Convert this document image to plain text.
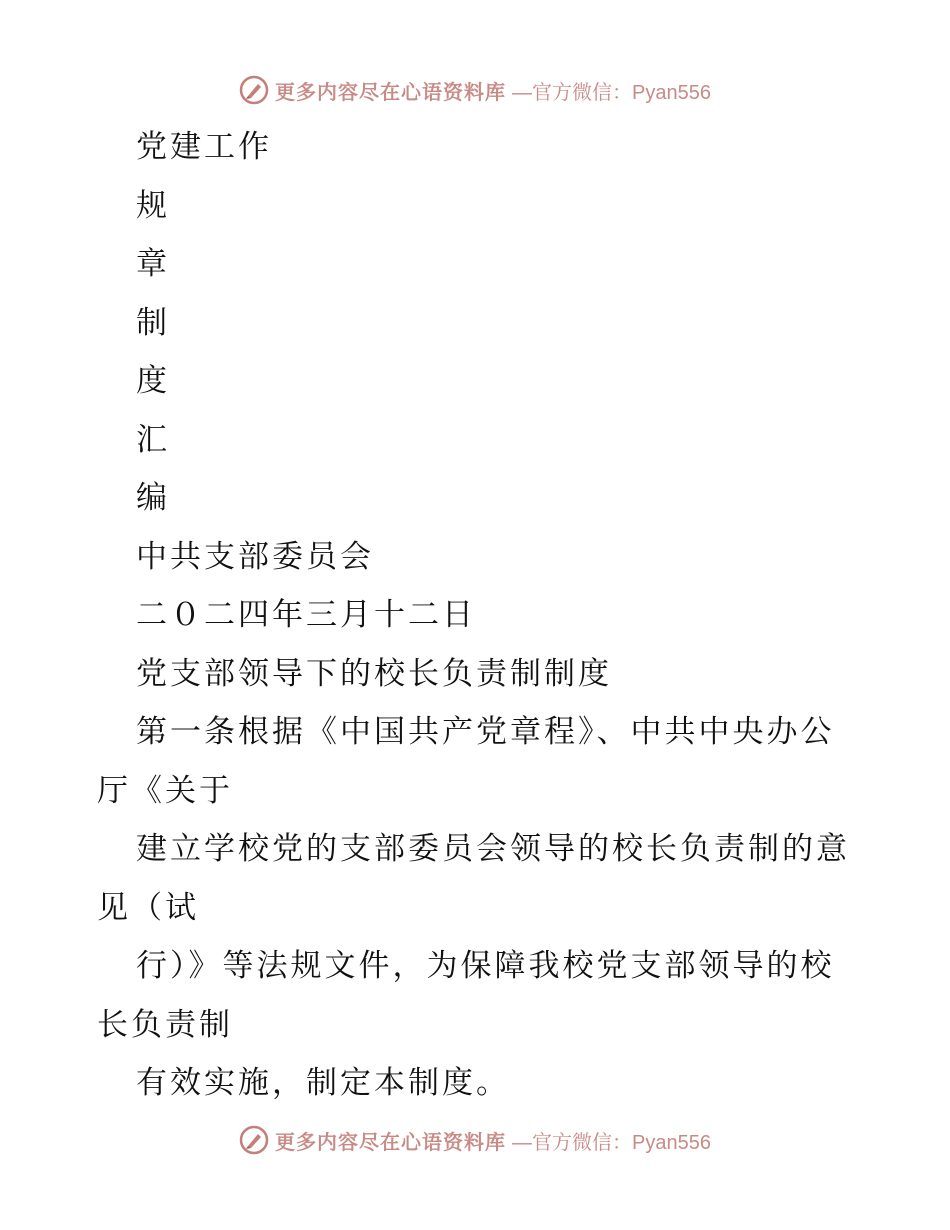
更多内容尽在心语资料库 —官方微信：Pyan556
党建工作
规
章
制
度
汇
编
中共支部委员会
二０二四年三月十二日
党支部领导下的校长负责制制度
第一条根据《中国共产党章程》、中共中央办公
厅《关于
建立学校党的支部委员会领导的校长负责制的意
见（试
行）》等法规文件，为保障我校党支部领导的校
长负责制
有效实施，制定本制度。
更多内容尽在心语资料库 —官方微信：Pyan556
